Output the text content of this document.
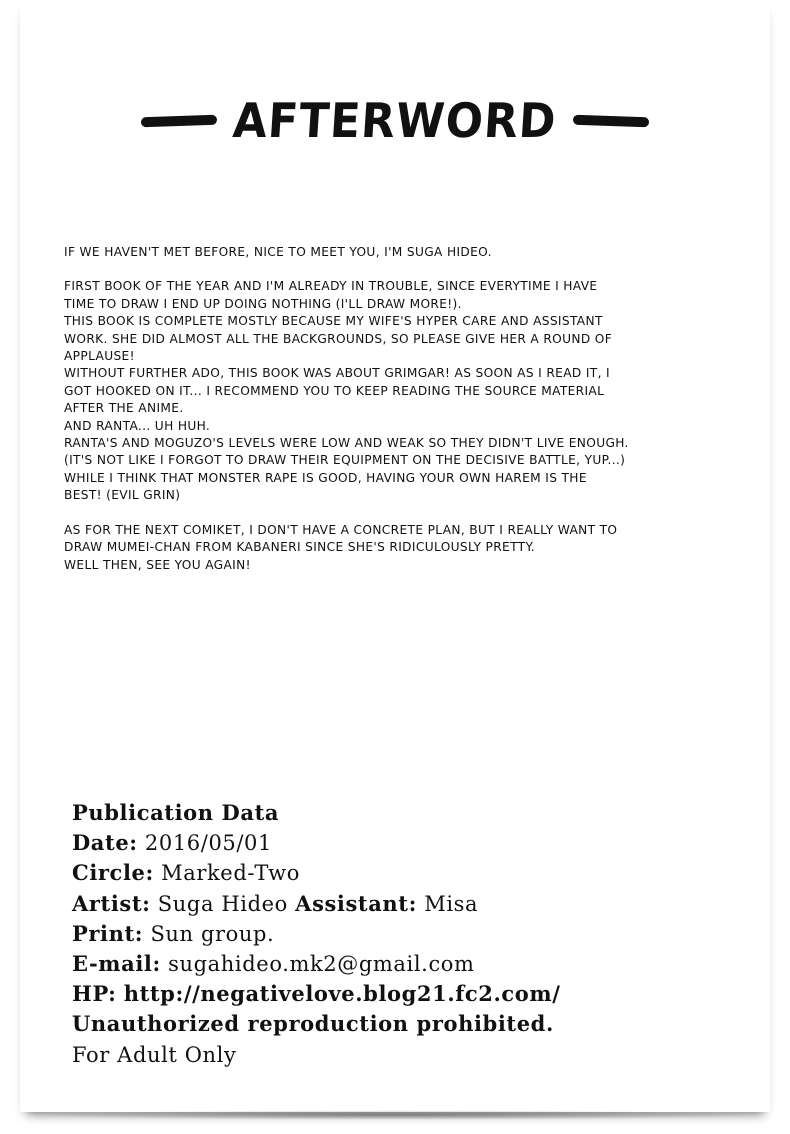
AFTERWORD

IF WE HAVEN'T MET BEFORE, NICE TO MEET YOU, I'M SUGA HIDEO.

FIRST BOOK OF THE YEAR AND I'M ALREADY IN TROUBLE, SINCE EVERYTIME I HAVE
TIME TO DRAW I END UP DOING NOTHING (I'LL DRAW MORE!).
THIS BOOK IS COMPLETE MOSTLY BECAUSE MY WIFE'S HYPER CARE AND ASSISTANT
WORK. SHE DID ALMOST ALL THE BACKGROUNDS, SO PLEASE GIVE HER A ROUND OF
APPLAUSE!
WITHOUT FURTHER ADO, THIS BOOK WAS ABOUT GRIMGAR! AS SOON AS I READ IT, I
GOT HOOKED ON IT... I RECOMMEND YOU TO KEEP READING THE SOURCE MATERIAL
AFTER THE ANIME.
AND RANTA... UH HUH.
RANTA'S AND MOGUZO'S LEVELS WERE LOW AND WEAK SO THEY DIDN'T LIVE ENOUGH.
(IT'S NOT LIKE I FORGOT TO DRAW THEIR EQUIPMENT ON THE DECISIVE BATTLE, YUP...)
WHILE I THINK THAT MONSTER RAPE IS GOOD, HAVING YOUR OWN HAREM IS THE
BEST! (EVIL GRIN)

AS FOR THE NEXT COMIKET, I DON'T HAVE A CONCRETE PLAN, BUT I REALLY WANT TO
DRAW MUMEI-CHAN FROM KABANERI SINCE SHE'S RIDICULOUSLY PRETTY.
WELL THEN, SEE YOU AGAIN!

Publication Data
Date: 2016/05/01
Circle: Marked-Two
Artist: Suga Hideo Assistant: Misa
Print: Sun group.
E-mail: sugahideo.mk2@gmail.com
HP: http://negativelove.blog21.fc2.com/
Unauthorized reproduction prohibited.
For Adult Only
